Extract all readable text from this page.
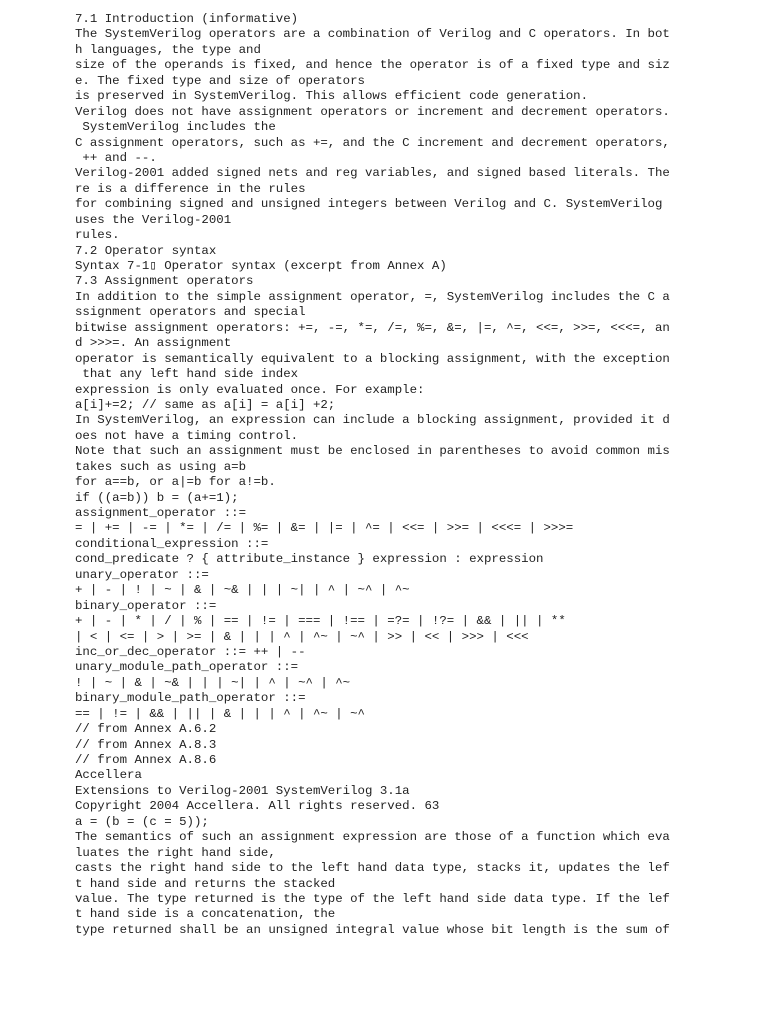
7.1 Introduction (informative)
The SystemVerilog operators are a combination of Verilog and C operators. In bot
h languages, the type and
size of the operands is fixed, and hence the operator is of a fixed type and siz
e. The fixed type and size of operators
is preserved in SystemVerilog. This allows efficient code generation.
Verilog does not have assignment operators or increment and decrement operators.
SystemVerilog includes the
C assignment operators, such as +=, and the C increment and decrement operators,
++ and --.
Verilog-2001 added signed nets and reg variables, and signed based literals. The
re is a difference in the rules
for combining signed and unsigned integers between Verilog and C. SystemVerilog
uses the Verilog-2001
rules.
7.2 Operator syntax
Syntax 7-1▯ Operator syntax (excerpt from Annex A)
7.3 Assignment operators
In addition to the simple assignment operator, =, SystemVerilog includes the C a
ssignment operators and special
bitwise assignment operators: +=, -=, *=, /=, %=, &=, |=, ^=, <<=, >>=, <<<=, an
d >>>=. An assignment
operator is semantically equivalent to a blocking assignment, with the exception
that any left hand side index
expression is only evaluated once. For example:
a[i]+=2; // same as a[i] = a[i] +2;
In SystemVerilog, an expression can include a blocking assignment, provided it d
oes not have a timing control.
Note that such an assignment must be enclosed in parentheses to avoid common mis
takes such as using a=b
for a==b, or a|=b for a!=b.
if ((a=b)) b = (a+=1);
assignment_operator ::=
= | += | -= | *= | /= | %= | &= | |= | ^= | <<= | >>= | <<<= | >>>=
conditional_expression ::=
cond_predicate ? { attribute_instance } expression : expression
unary_operator ::=
+ | - | ! | ~ | & | ~& | | | ~| | ^ | ~^ | ^~
binary_operator ::=
+ | - | * | / | % | == | != | === | !== | =?= | !?= | && | || | **
| < | <= | > | >= | & | | | ^ | ^~ | ~^ | >> | << | >>> | <<<
inc_or_dec_operator ::= ++ | --
unary_module_path_operator ::=
! | ~ | & | ~& | | | ~| | ^ | ~^ | ^~
binary_module_path_operator ::=
== | != | && | || | & | | | ^ | ^~ | ~^
// from Annex A.6.2
// from Annex A.8.3
// from Annex A.8.6
Accellera
Extensions to Verilog-2001 SystemVerilog 3.1a
Copyright 2004 Accellera. All rights reserved. 63
a = (b = (c = 5));
The semantics of such an assignment expression are those of a function which eva
luates the right hand side,
casts the right hand side to the left hand data type, stacks it, updates the lef
t hand side and returns the stacked
value. The type returned is the type of the left hand side data type. If the lef
t hand side is a concatenation, the
type returned shall be an unsigned integral value whose bit length is the sum of
